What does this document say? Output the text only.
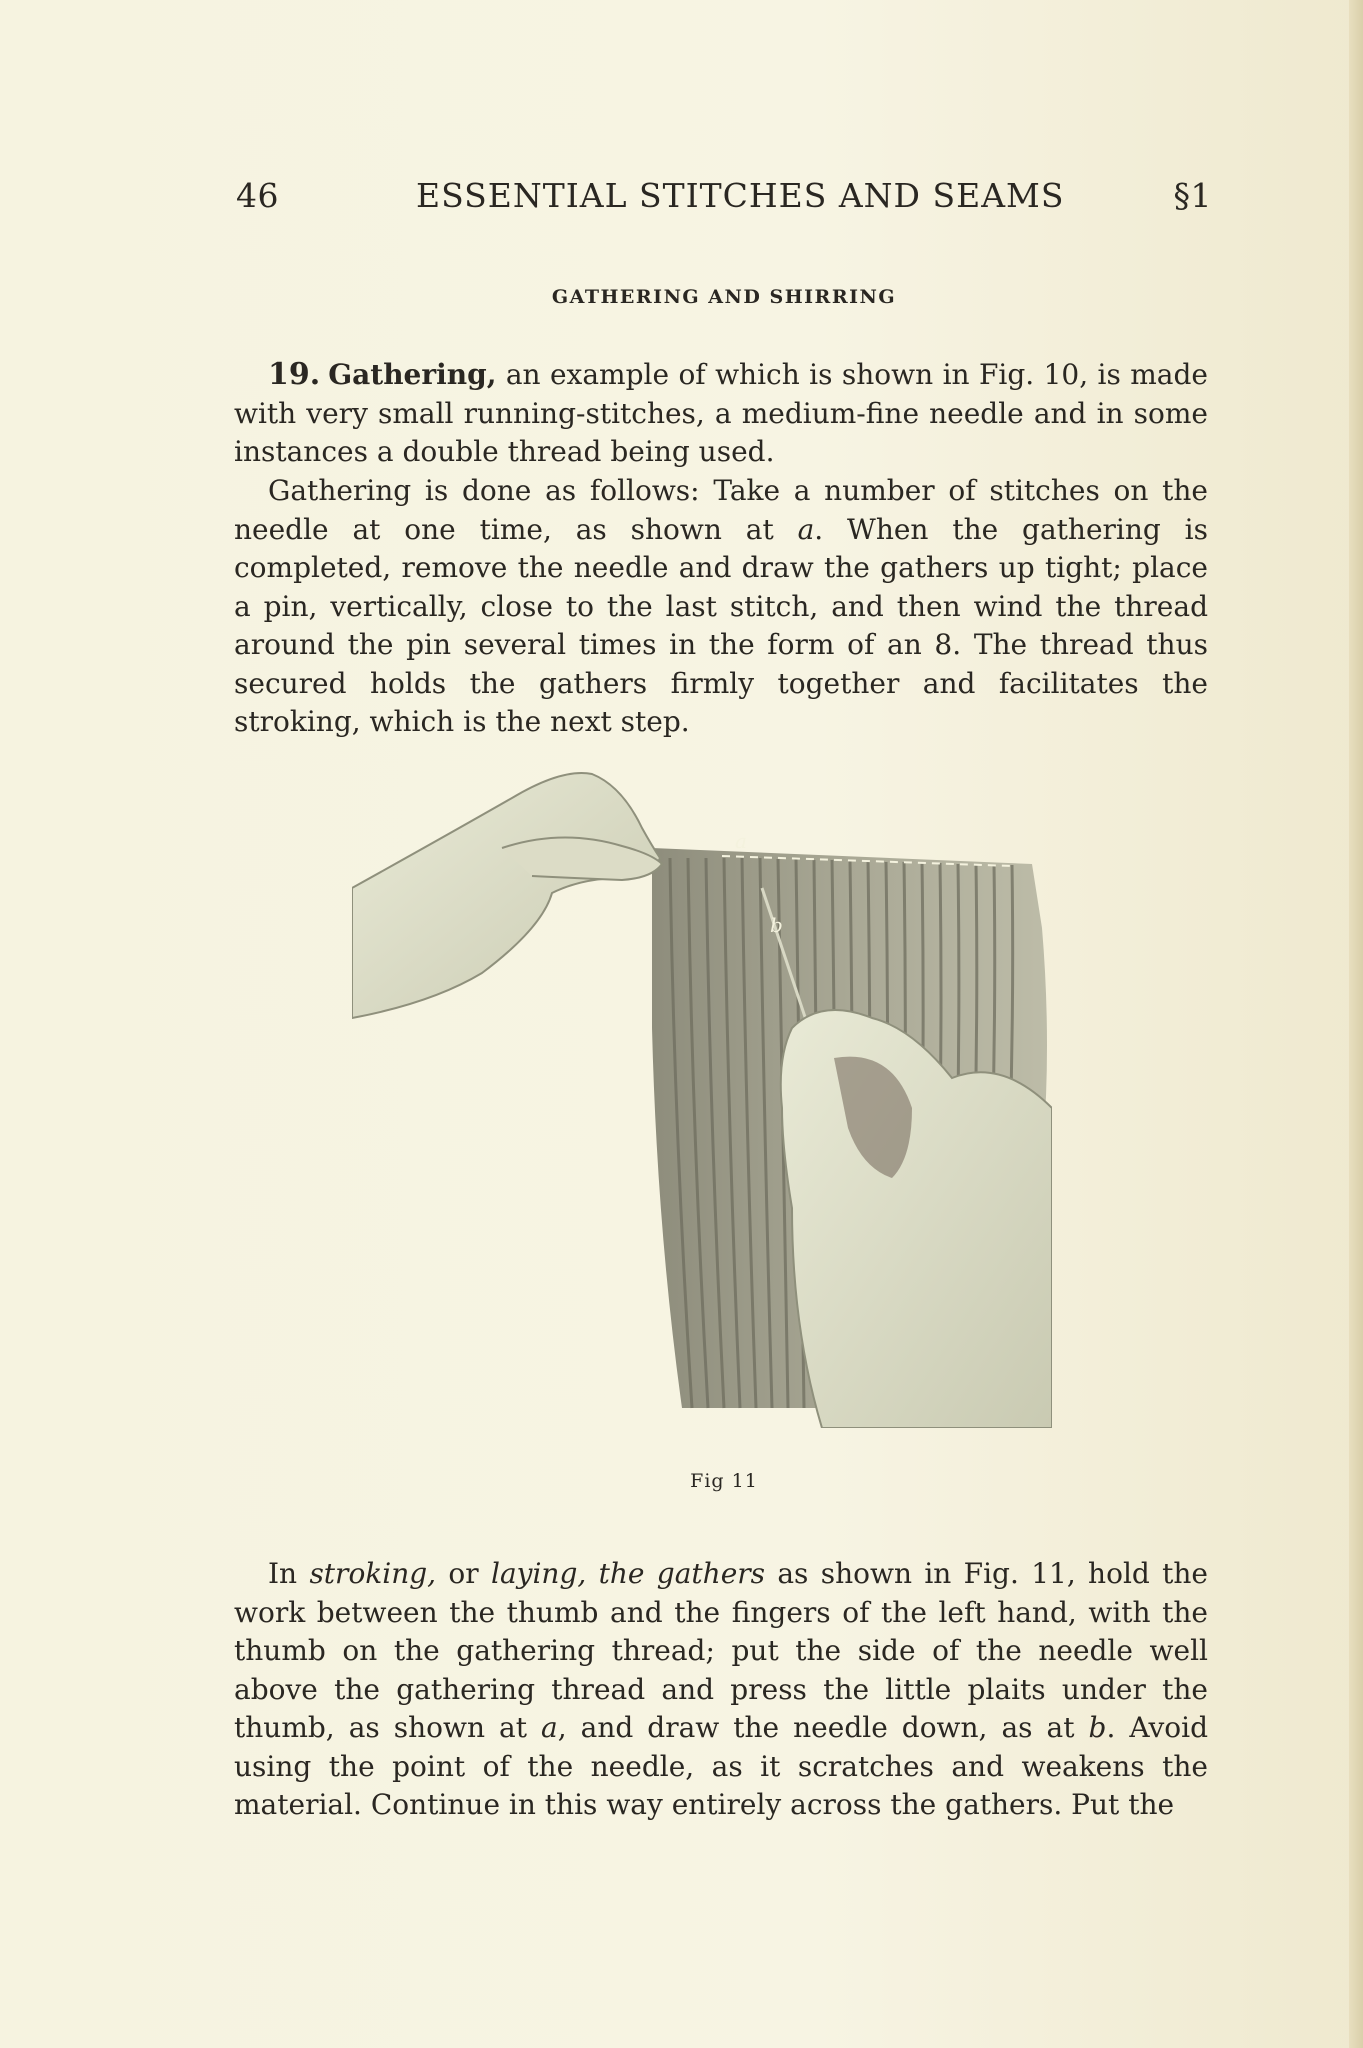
46	ESSENTIAL STITCHES AND SEAMS	§1
GATHERING AND SHIRRING

19. Gathering, an example of which is shown in Fig. 10, is made with very small running-stitches, a medium-fine needle and in some instances a double thread being used.

Gathering is done as follows: Take a number of stitches on the needle at one time, as shown at a. When the gathering is completed, remove the needle and draw the gathers up tight; place a pin, vertically, close to the last stitch, and then wind the thread around the pin several times in the form of an 8. The thread thus secured holds the gathers firmly together and facilitates the stroking, which is the next step.

a
b
Fig 11

In stroking, or laying, the gathers as shown in Fig. 11, hold the work between the thumb and the fingers of the left hand, with the thumb on the gathering thread; put the side of the needle well above the gathering thread and press the little plaits under the thumb, as shown at a, and draw the needle down, as at b. Avoid using the point of the needle, as it scratches and weakens the material. Continue in this way entirely across the gathers. Put the
